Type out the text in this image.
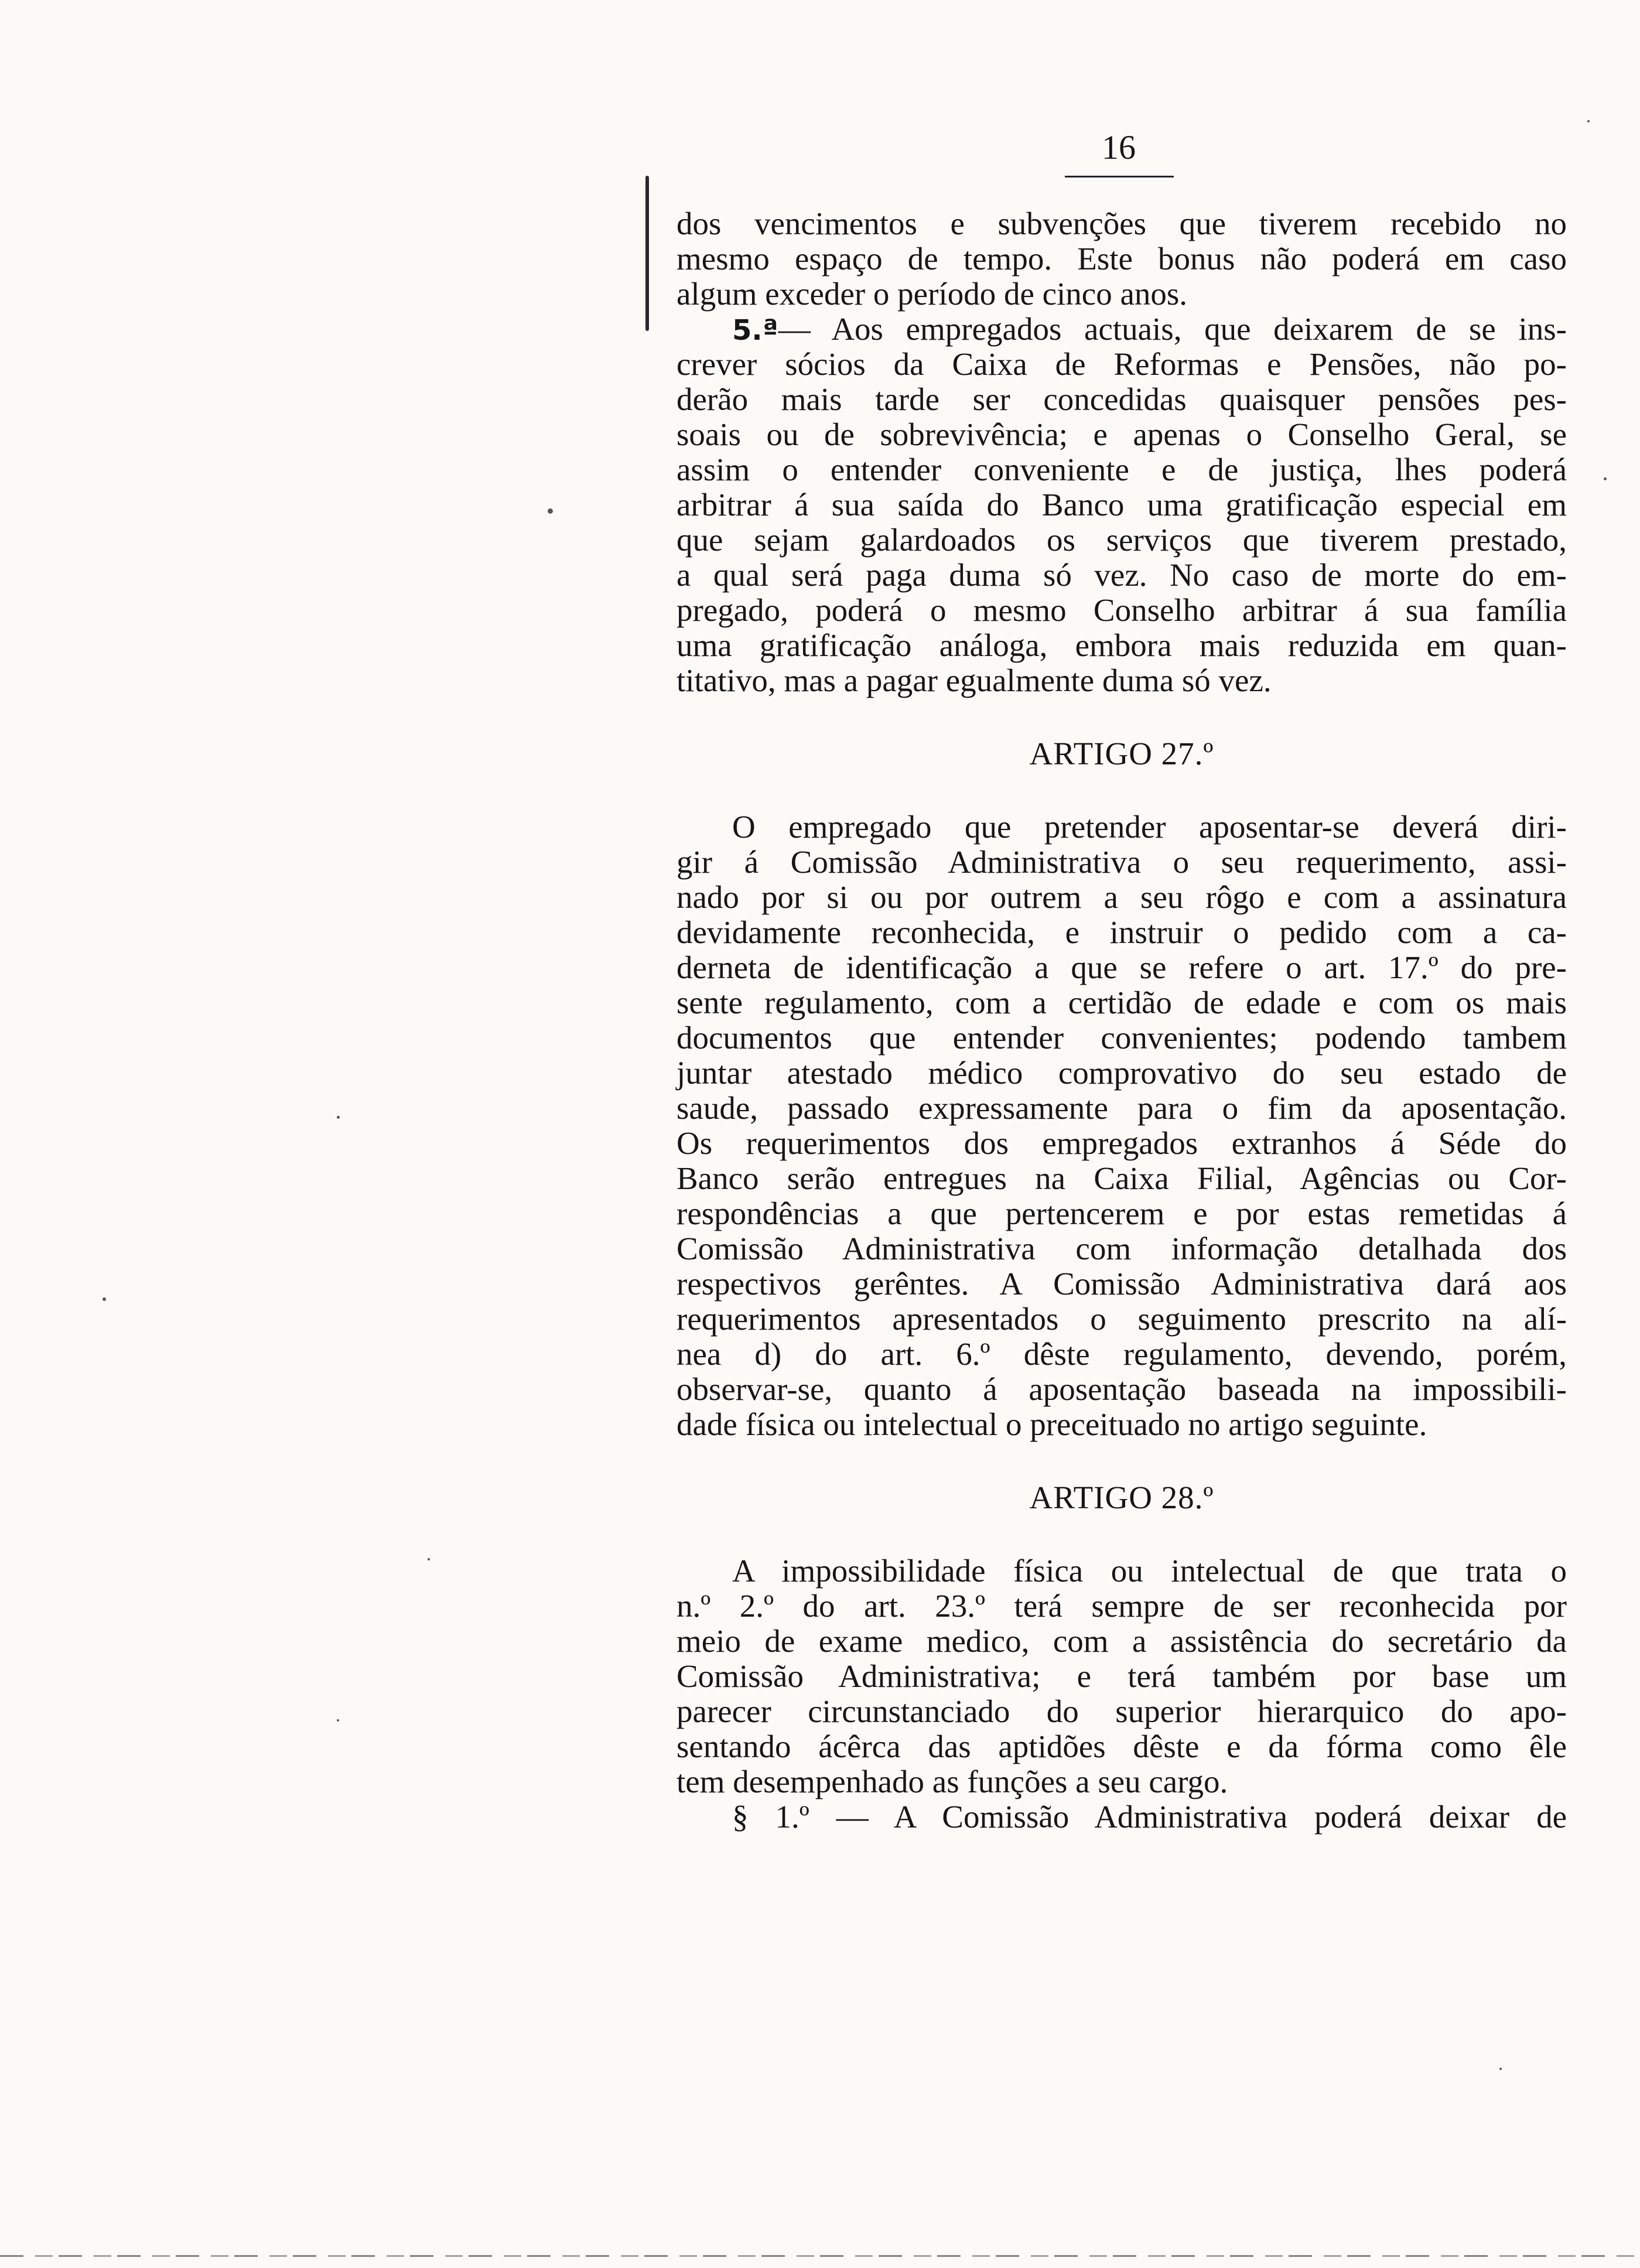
16
dos vencimentos e subvenções que tiverem recebido no
mesmo espaço de tempo. Este bonus não poderá em caso
algum exceder o período de cinco anos.
5.ª— Aos empregados actuais, que deixarem de se ins-
crever sócios da Caixa de Reformas e Pensões, não po-
derão mais tarde ser concedidas quaisquer pensões pes-
soais ou de sobrevivência; e apenas o Conselho Geral, se
assim o entender conveniente e de justiça, lhes poderá
arbitrar á sua saída do Banco uma gratificação especial em
que sejam galardoados os serviços que tiverem prestado,
a qual será paga duma só vez. No caso de morte do em-
pregado, poderá o mesmo Conselho arbitrar á sua família
uma gratificação análoga, embora mais reduzida em quan-
titativo, mas a pagar egualmente duma só vez.
ARTIGO 27.º
O empregado que pretender aposentar-se deverá diri-
gir á Comissão Administrativa o seu requerimento, assi-
nado por si ou por outrem a seu rôgo e com a assinatura
devidamente reconhecida, e instruir o pedido com a ca-
derneta de identificação a que se refere o art. 17.º do pre-
sente regulamento, com a certidão de edade e com os mais
documentos que entender convenientes; podendo tambem
juntar atestado médico comprovativo do seu estado de
saude, passado expressamente para o fim da aposentação.
Os requerimentos dos empregados extranhos á Séde do
Banco serão entregues na Caixa Filial, Agências ou Cor-
respondências a que pertencerem e por estas remetidas á
Comissão Administrativa com informação detalhada dos
respectivos gerêntes. A Comissão Administrativa dará aos
requerimentos apresentados o seguimento prescrito na alí-
nea d) do art. 6.º dêste regulamento, devendo, porém,
observar-se, quanto á aposentação baseada na impossibili-
dade física ou intelectual o preceituado no artigo seguinte.
ARTIGO 28.º
A impossibilidade física ou intelectual de que trata o
n.º 2.º do art. 23.º terá sempre de ser reconhecida por
meio de exame medico, com a assistência do secretário da
Comissão Administrativa; e terá também por base um
parecer circunstanciado do superior hierarquico do apo-
sentando ácêrca das aptidões dêste e da fórma como êle
tem desempenhado as funções a seu cargo.
§ 1.º — A Comissão Administrativa poderá deixar de
